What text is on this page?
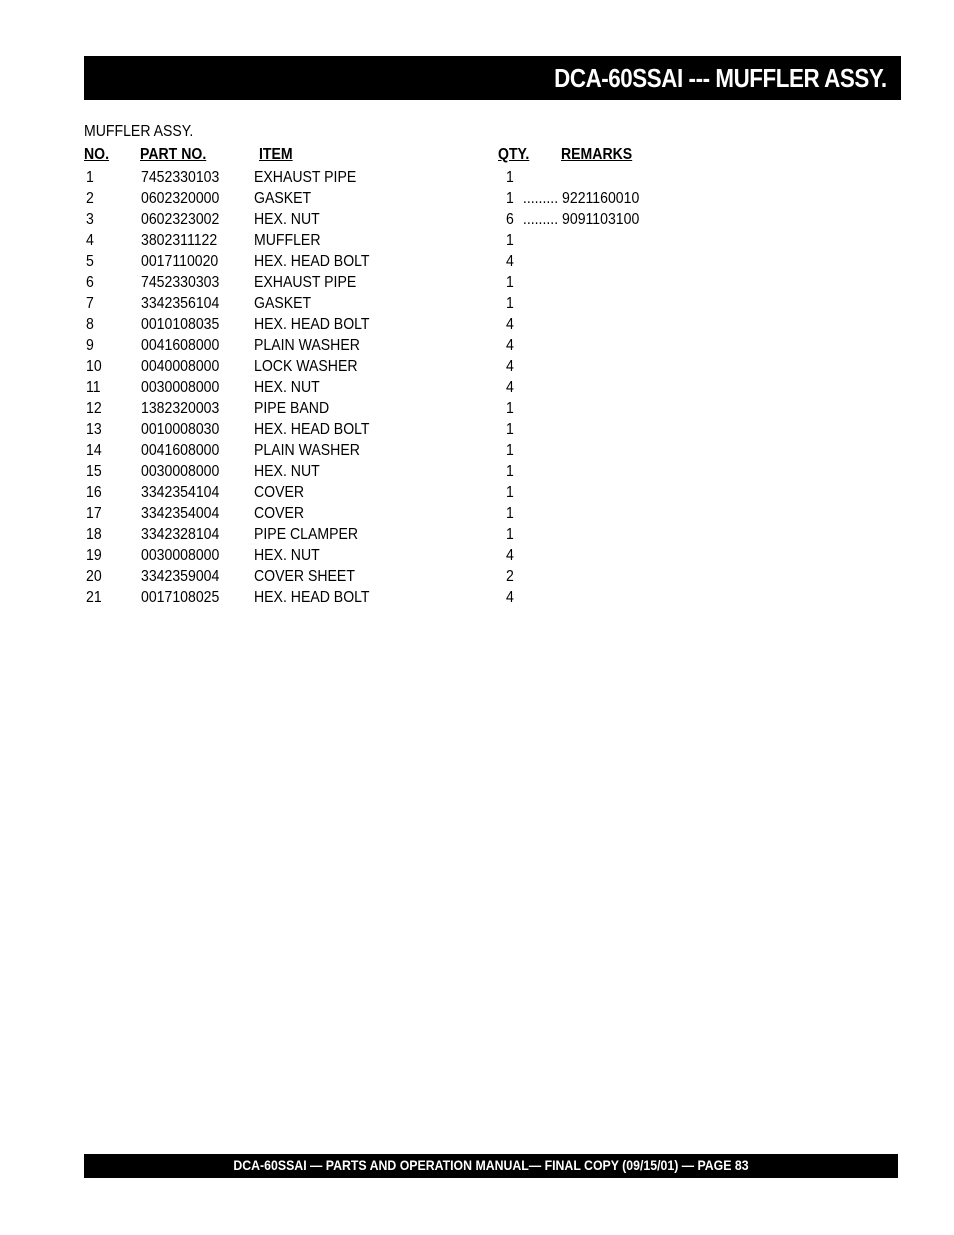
DCA-60SSAI --- MUFFLER ASSY.
MUFFLER ASSY.
NO. PART NO.	ITEM	QTY. REMARKS
1	7452330103 EXHAUST PIPE	1
2	0602320000 GASKET	1 ......... 9221160010
3	0602323002 HEX. NUT	6 ......... 9091103100
4	3802311122 MUFFLER	1
5	0017110020 HEX. HEAD BOLT	4
6	7452330303 EXHAUST PIPE	1
7	3342356104 GASKET	1
8	0010108035 HEX. HEAD BOLT	4
9	0041608000 PLAIN WASHER	4
10 0040008000 LOCK WASHER	4
11	0030008000 HEX. NUT	4
12 1382320003 PIPE BAND	1
13 0010008030 HEX. HEAD BOLT	1
14 0041608000 PLAIN WASHER	1
15 0030008000 HEX. NUT	1
16 3342354104 COVER	1
17 3342354004 COVER	1
18 3342328104 PIPE CLAMPER	1
19 0030008000 HEX. NUT	4
20 3342359004 COVER SHEET	2
21 0017108025 HEX. HEAD BOLT	4
DCA-60SSAI — PARTS AND OPERATION MANUAL— FINAL COPY (09/15/01) — PAGE 83
